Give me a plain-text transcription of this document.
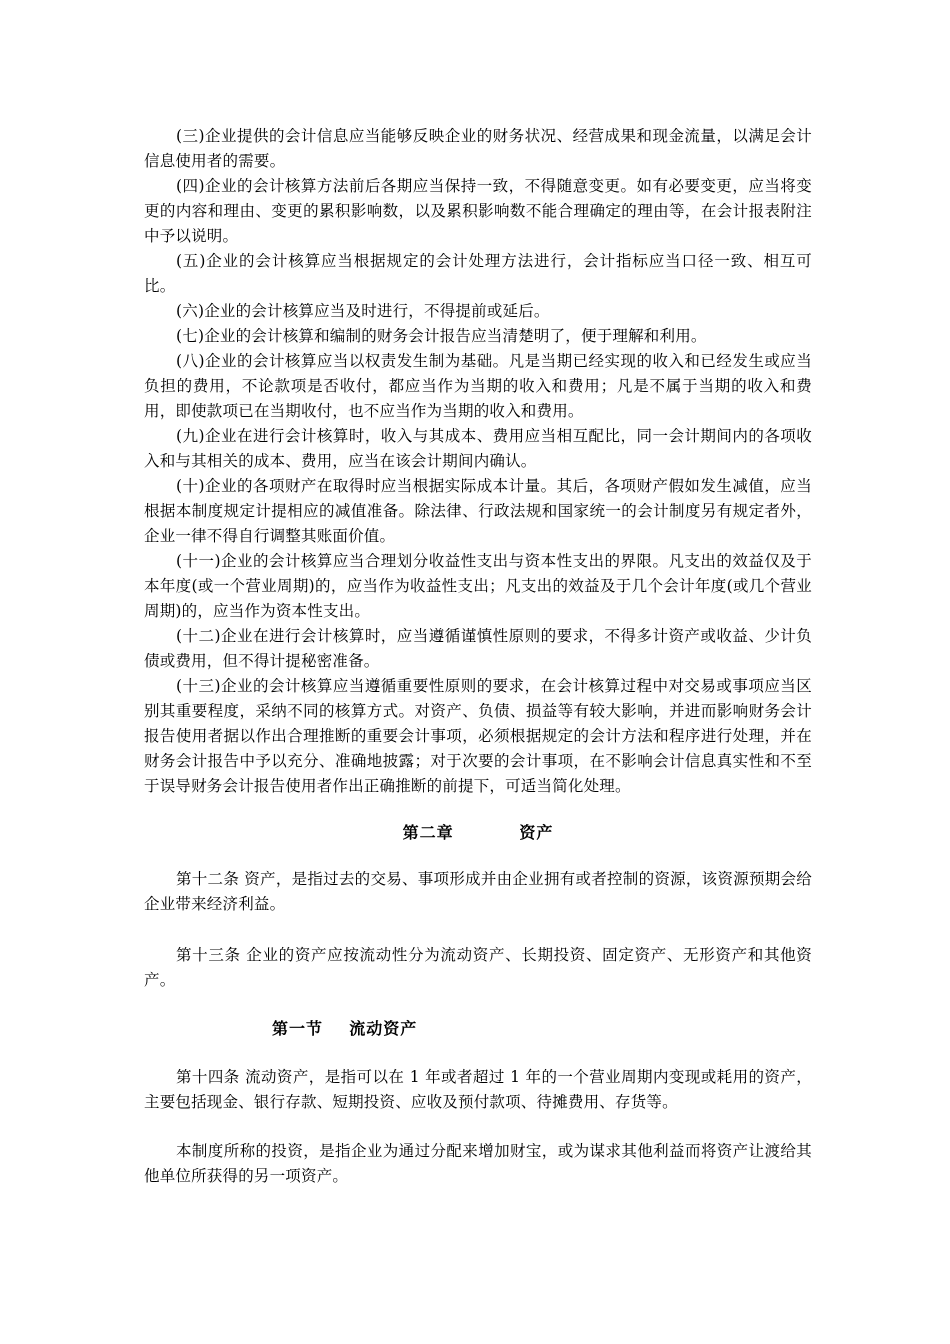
(三)企业提供的会计信息应当能够反映企业的财务状况、经营成果和现金流量，以满足会计信息使用者的需要。

(四)企业的会计核算方法前后各期应当保持一致，不得随意变更。如有必要变更，应当将变更的内容和理由、变更的累积影响数，以及累积影响数不能合理确定的理由等，在会计报表附注中予以说明。

(五)企业的会计核算应当根据规定的会计处理方法进行，会计指标应当口径一致、相互可比。

(六)企业的会计核算应当及时进行，不得提前或延后。

(七)企业的会计核算和编制的财务会计报告应当清楚明了，便于理解和利用。

(八)企业的会计核算应当以权责发生制为基础。凡是当期已经实现的收入和已经发生或应当负担的费用，不论款项是否收付，都应当作为当期的收入和费用；凡是不属于当期的收入和费用，即使款项已在当期收付，也不应当作为当期的收入和费用。

(九)企业在进行会计核算时，收入与其成本、费用应当相互配比，同一会计期间内的各项收入和与其相关的成本、费用，应当在该会计期间内确认。

(十)企业的各项财产在取得时应当根据实际成本计量。其后，各项财产假如发生减值，应当根据本制度规定计提相应的减值准备。除法律、行政法规和国家统一的会计制度另有规定者外，企业一律不得自行调整其账面价值。

(十一)企业的会计核算应当合理划分收益性支出与资本性支出的界限。凡支出的效益仅及于本年度(或一个营业周期)的，应当作为收益性支出；凡支出的效益及于几个会计年度(或几个营业周期)的，应当作为资本性支出。

(十二)企业在进行会计核算时，应当遵循谨慎性原则的要求，不得多计资产或收益、少计负债或费用，但不得计提秘密准备。

(十三)企业的会计核算应当遵循重要性原则的要求，在会计核算过程中对交易或事项应当区别其重要程度，采纳不同的核算方式。对资产、负债、损益等有较大影响，并进而影响财务会计报告使用者据以作出合理推断的重要会计事项，必须根据规定的会计方法和程序进行处理，并在财务会计报告中予以充分、准确地披露；对于次要的会计事项，在不影响会计信息真实性和不至于误导财务会计报告使用者作出正确推断的前提下，可适当简化处理。

第二章          资产

第十二条 资产，是指过去的交易、事项形成并由企业拥有或者控制的资源，该资源预期会给企业带来经济利益。

第十三条 企业的资产应按流动性分为流动资产、长期投资、固定资产、无形资产和其他资产。

第一节    流动资产

第十四条 流动资产，是指可以在 1 年或者超过 1 年的一个营业周期内变现或耗用的资产，主要包括现金、银行存款、短期投资、应收及预付款项、待摊费用、存货等。

本制度所称的投资，是指企业为通过分配来增加财宝，或为谋求其他利益而将资产让渡给其他单位所获得的另一项资产。
